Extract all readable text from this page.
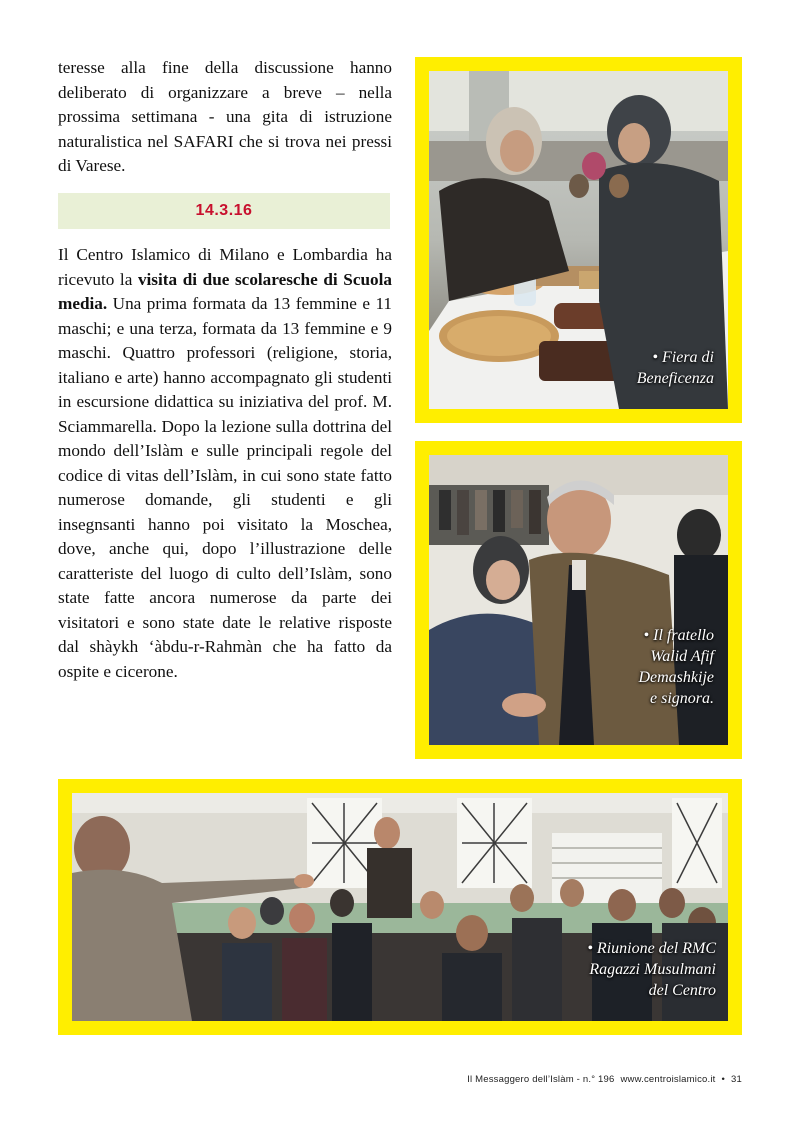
teresse alla fine della discussione hanno deliberato di organizzare a breve – nella prossima settimana - una gita di istruzione naturalistica nel SAFARI che si trova nei pressi di Varese.

14.3.16
Il Centro Islamico di Milano e Lombardia ha ricevuto la visita di due scolaresche di Scuola media. Una prima formata da 13 femmine e 11 maschi; e una terza, formata da 13 femmine e 9 maschi. Quattro professori (religione, storia, italiano e arte) hanno accompagnato gli studenti in escursione didattica su iniziativa del prof. M. Sciammarella. Dopo la lezione sulla dottrina del mondo dell’Islàm e sulle principali regole del codice di vitas dell’Islàm, in cui sono state fatto numerose domande, gli studenti e gli insegnsanti hanno poi visitato la Moschea, dove, anche qui, dopo l’illustrazione delle caratteriste del luogo di culto dell’Islàm, sono state fatte ancora numerose da parte dei visitatori e sono state date le relative risposte dal shàykh ‘àbdu-r-Rahmàn che ha fatto da ospite e cicerone.
• Fiera di
Beneficenza
• Il fratello
Walid Afif
Demashkije
e signora.
• Riunione del RMC
Ragazzi Musulmani
del Centro
Il Messaggero dell’Islàm - n.° 196 www.centroislamico.it • 31
